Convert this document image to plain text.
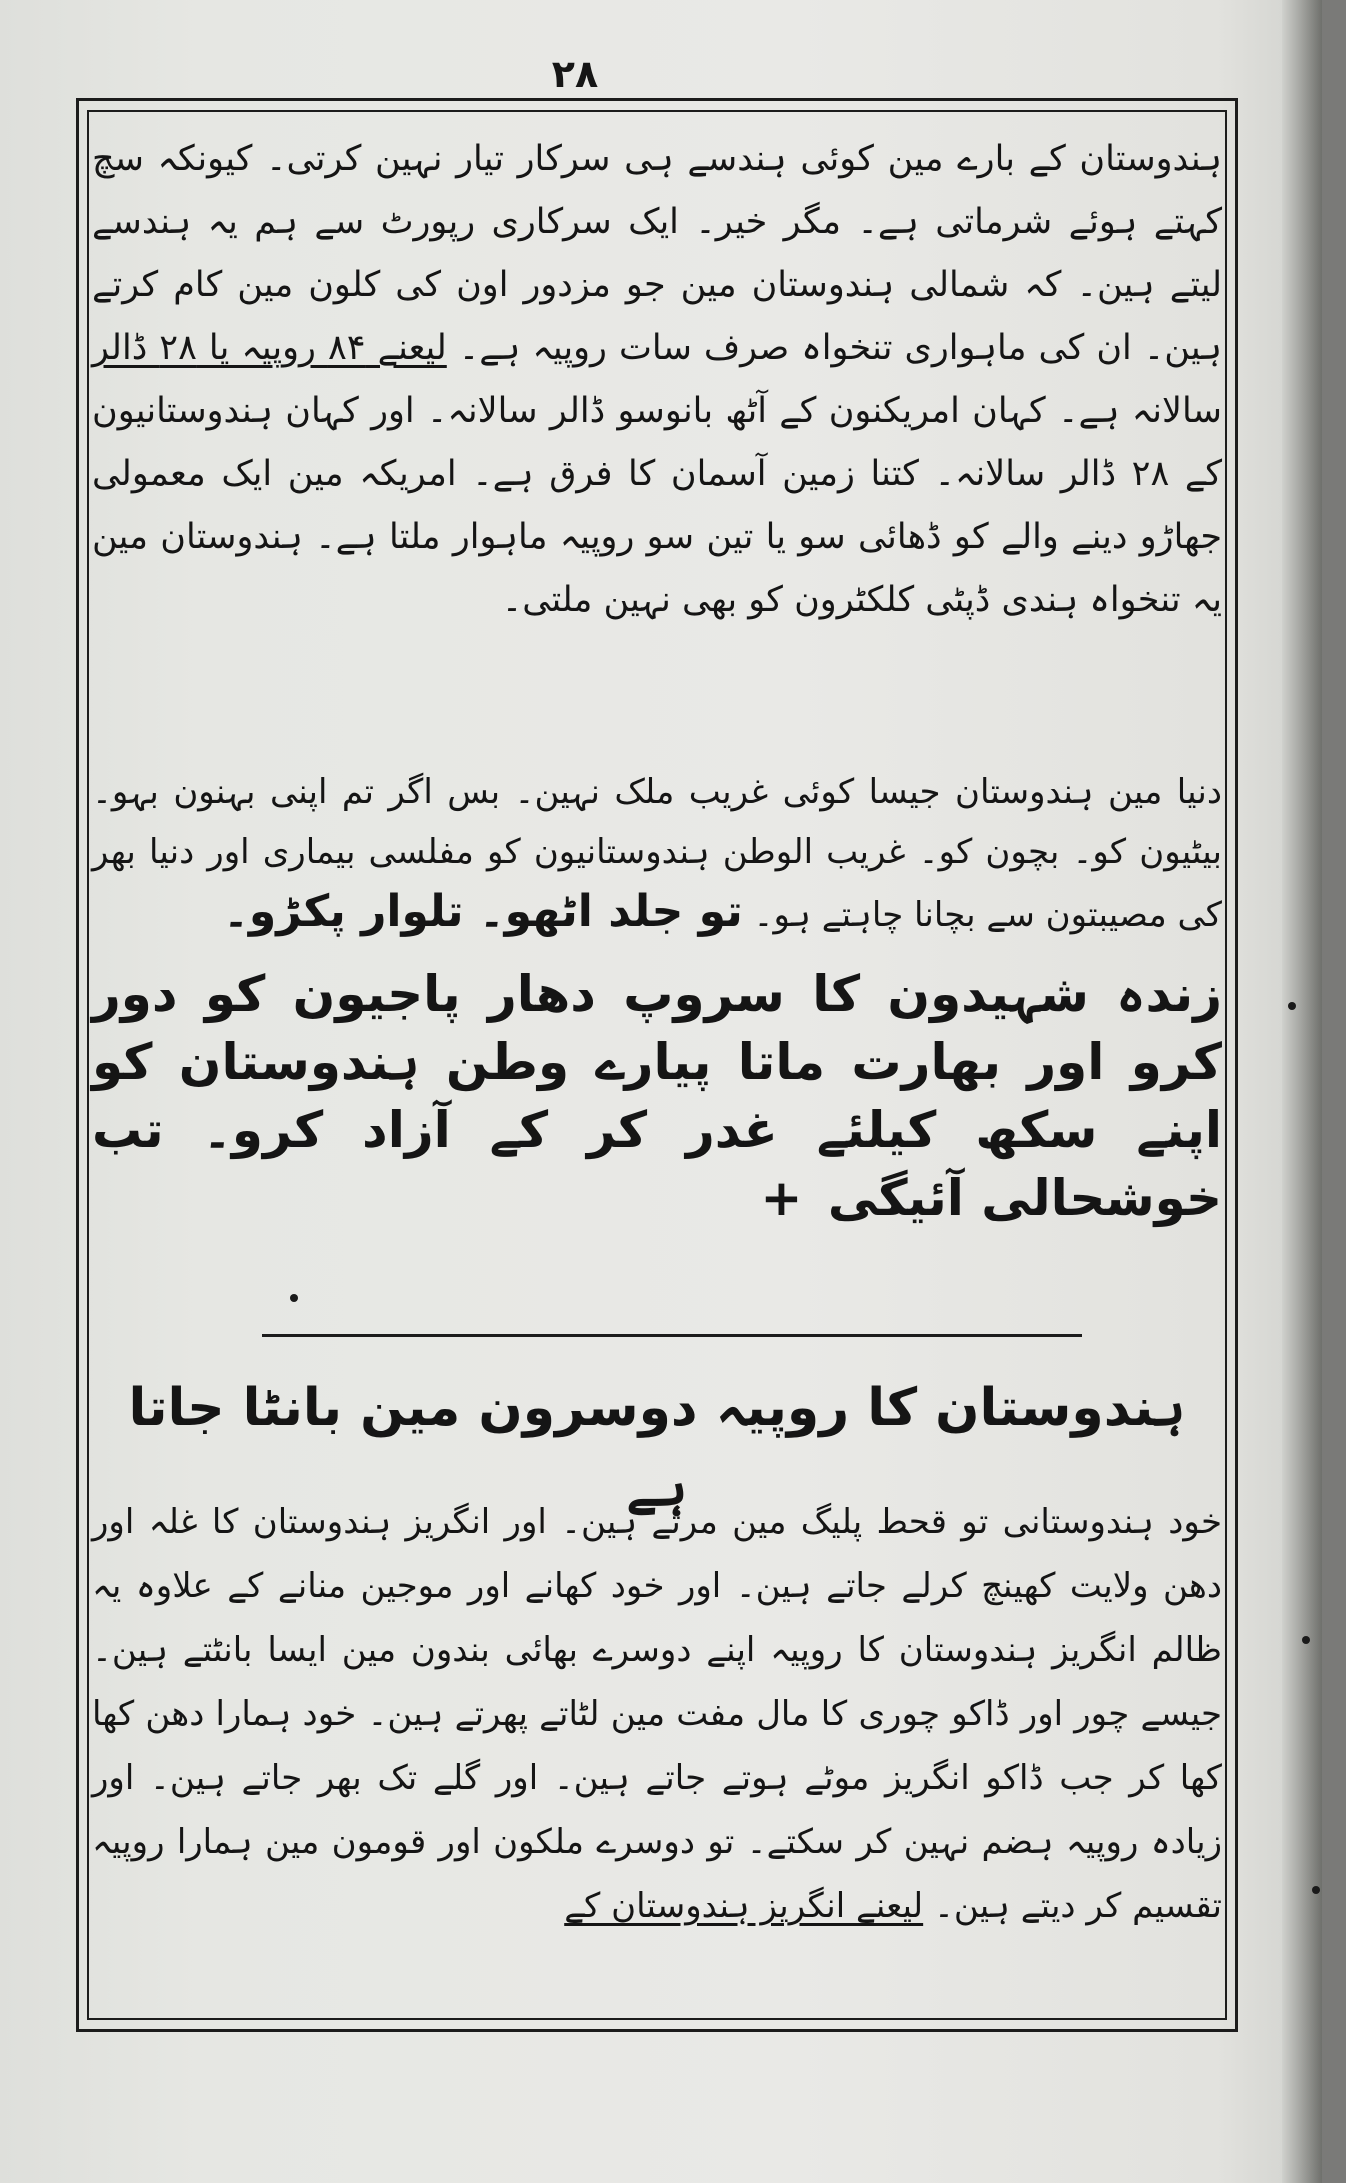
۲۸
ہندوستان کے بارے مین کوئی ہندسے ہی سرکار تیار نہین کرتی۔ کیونکہ سچ کہتے ہوئے شرماتی ہے۔ مگر خیر۔ ایک سرکاری رپورٹ سے ہم یہ ہندسے لیتے ہین۔ کہ شمالی ہندوستان مین جو مزدور اون کی کلون مین کام کرتے ہین۔ ان کی ماہواری تنخواہ صرف سات روپیہ ہے۔ لیعنے ۸۴ روپیہ یا ۲۸ ڈالر سالانہ ہے۔ کہان امریکنون کے آٹھ بانوسو ڈالر سالانہ۔ اور کہان ہندوستانیون کے ۲۸ ڈالر سالانہ۔ کتنا زمین آسمان کا فرق ہے۔ امریکہ مین ایک معمولی جھاڑو دینے والے کو ڈھائی سو یا تین سو روپیہ ماہوار ملتا ہے۔ ہندوستان مین یہ تنخواہ ہندی ڈپٹی کلکٹرون کو بھی نہین ملتی۔
دنیا مین ہندوستان جیسا کوئی غریب ملک نہین۔ بس اگر تم اپنی بہنون بہو۔ بیٹیون کو۔ بچون کو۔ غریب الوطن ہندوستانیون کو مفلسی بیماری اور دنیا بھر کی مصیبتون سے بچانا چاہتے ہو۔ تو جلد اٹھو۔ تلوار پکڑو۔
زندہ شہیدون کا سروپ دھار پاجیون کو دور کرو اور بھارت ماتا پیارے وطن ہندوستان کو اپنے سکھ کیلئے غدر کر کے آزاد کرو۔ تب خوشحالی آئیگی +
ہندوستان کا روپیہ دوسرون مین بانٹا جاتا ہے
خود ہندوستانی تو قحط پلیگ مین مرتے ہین۔ اور انگریز ہندوستان کا غلہ اور دھن ولایت کھینچ کرلے جاتے ہین۔ اور خود کھانے اور موجین منانے کے علاوہ یہ ظالم انگریز ہندوستان کا روپیہ اپنے دوسرے بھائی بندون مین ایسا بانٹتے ہین۔ جیسے چور اور ڈاکو چوری کا مال مفت مین لٹاتے پھرتے ہین۔ خود ہمارا دھن کھا کھا کر جب ڈاکو انگریز موٹے ہوتے جاتے ہین۔ اور گلے تک بھر جاتے ہین۔ اور زیادہ روپیہ ہضم نہین کر سکتے۔ تو دوسرے ملکون اور قومون مین ہمارا روپیہ تقسیم کر دیتے ہین۔ لیعنے انگریز ہندوستان کے
